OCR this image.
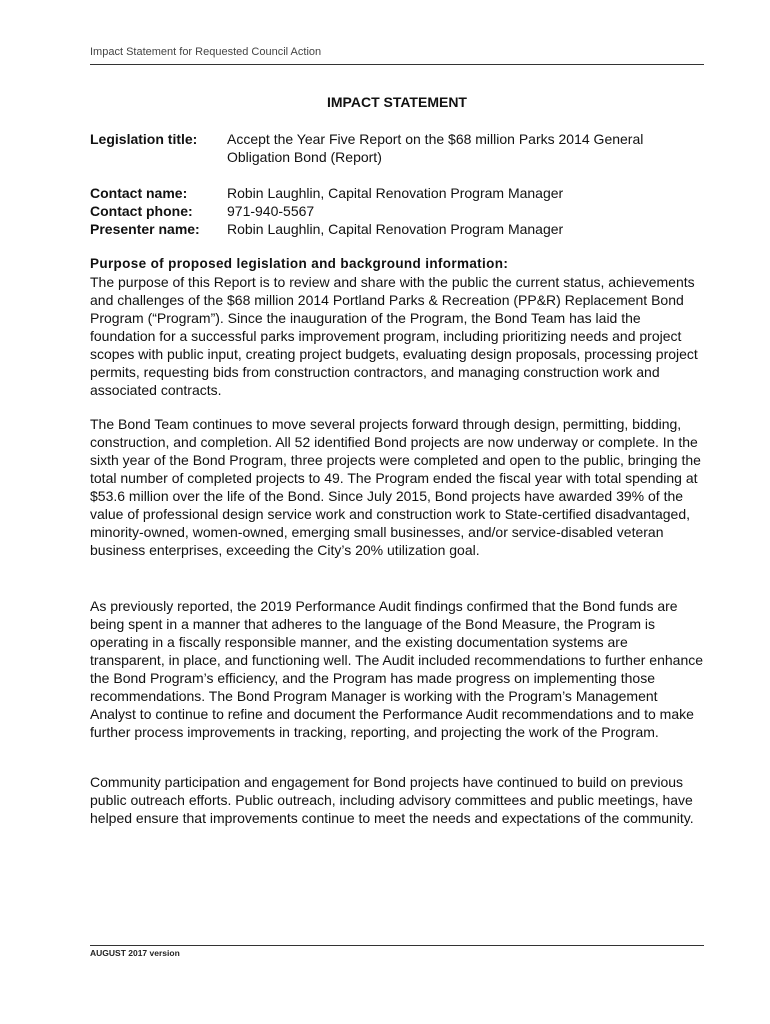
Impact Statement for Requested Council Action
IMPACT STATEMENT
Legislation title: Accept the Year Five Report on the $68 million Parks 2014 General Obligation Bond (Report)
Contact name:	Robin Laughlin, Capital Renovation Program Manager
Contact phone: 971-940-5567
Presenter name: Robin Laughlin, Capital Renovation Program Manager
Purpose of proposed legislation and background information:

The purpose of this Report is to review and share with the public the current status, achievements and challenges of the $68 million 2014 Portland Parks & Recreation (PP&R) Replacement Bond Program (“Program”). Since the inauguration of the Program, the Bond Team has laid the foundation for a successful parks improvement program, including prioritizing needs and project scopes with public input, creating project budgets, evaluating design proposals, processing project permits, requesting bids from construction contractors, and managing construction work and associated contracts.

The Bond Team continues to move several projects forward through design, permitting, bidding, construction, and completion. All 52 identified Bond projects are now underway or complete. In the sixth year of the Bond Program, three projects were completed and open to the public, bringing the total number of completed projects to 49. The Program ended the fiscal year with total spending at $53.6 million over the life of the Bond. Since July 2015, Bond projects have awarded 39% of the value of professional design service work and construction work to State-certified disadvantaged, minority-owned, women-owned, emerging small businesses, and/or service-disabled veteran business enterprises, exceeding the City’s 20% utilization goal.

As previously reported, the 2019 Performance Audit findings confirmed that the Bond funds are being spent in a manner that adheres to the language of the Bond Measure, the Program is operating in a fiscally responsible manner, and the existing documentation systems are transparent, in place, and functioning well. The Audit included recommendations to further enhance the Bond Program’s efficiency, and the Program has made progress on implementing those recommendations. The Bond Program Manager is working with the Program’s Management Analyst to continue to refine and document the Performance Audit recommendations and to make further process improvements in tracking, reporting, and projecting the work of the Program.

Community participation and engagement for Bond projects have continued to build on previous public outreach efforts. Public outreach, including advisory committees and public meetings, have helped ensure that improvements continue to meet the needs and expectations of the community.

AUGUST 2017 version
